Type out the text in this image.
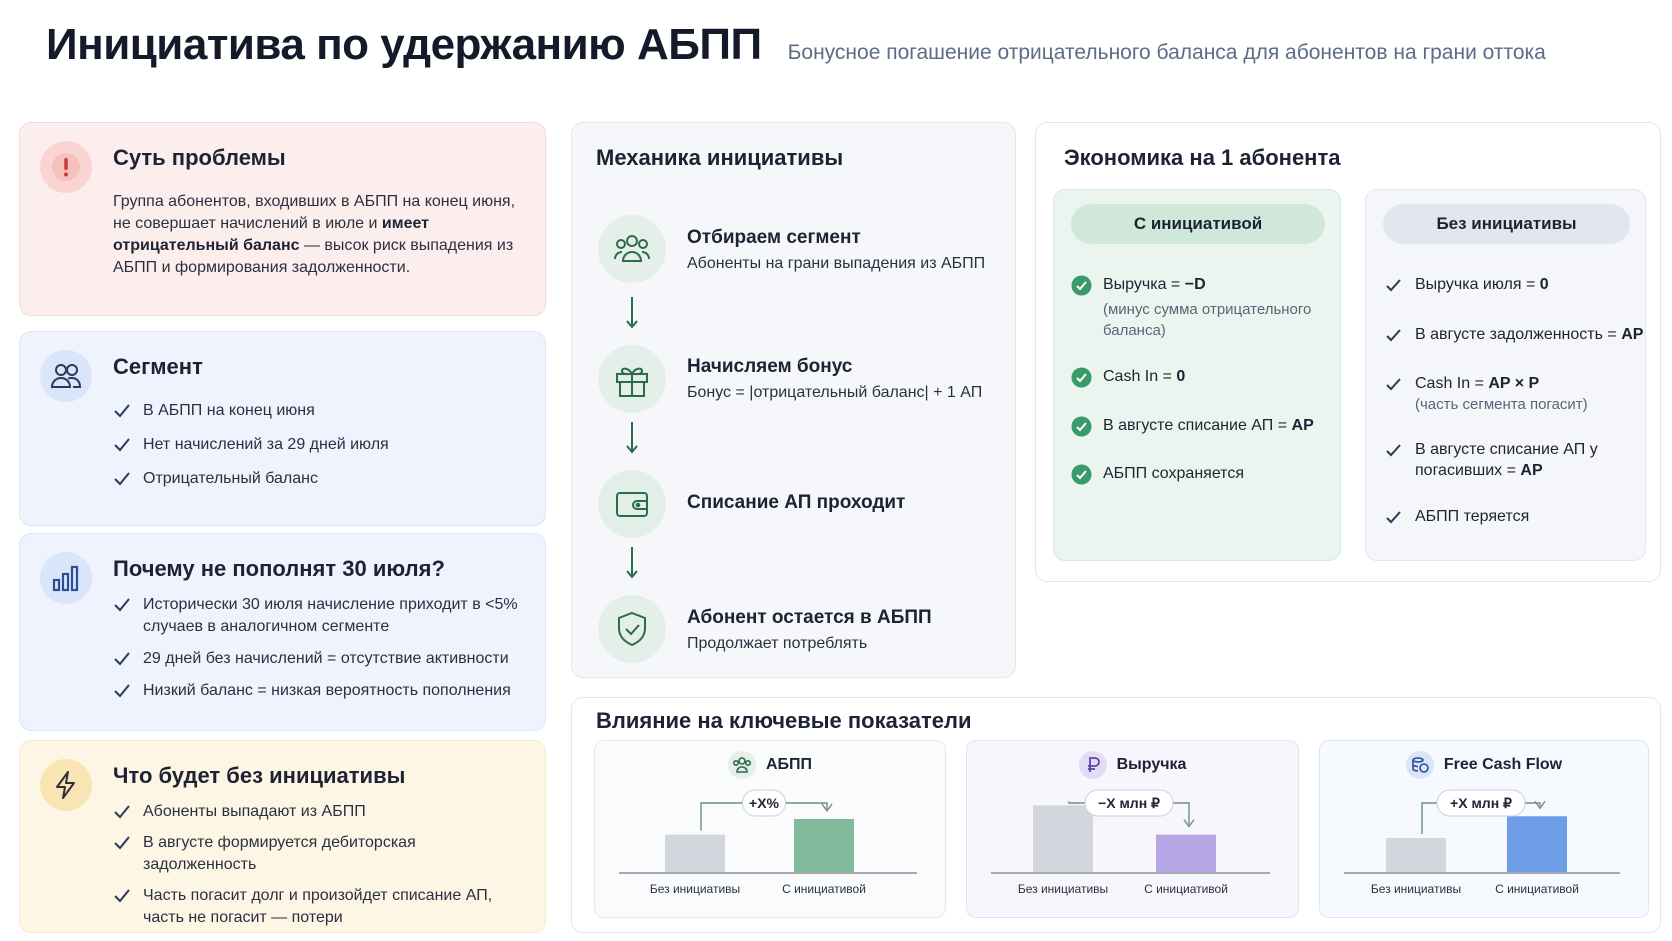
Инициатива по удержанию АБПП Бонусное погашение отрицательного баланса для абонентов на грани оттока
Суть проблемы
Группа абонентов, входивших в АБПП на конец июня, не совершает начислений в июле и имеет отрицательный баланс — высок риск выпадения из АБПП и формирования задолженности.
Сегмент
В АБПП на конец июня
Нет начислений за 29 дней июля
Отрицательный баланс
Почему не пополнят 30 июля?
Исторически 30 июля начисление приходит в <5% случаев в аналогичном сегменте
29 дней без начислений = отсутствие активности
Низкий баланс = низкая вероятность пополнения
Что будет без инициативы
Абоненты выпадают из АБПП
В августе формируется дебиторская задолженность
Часть погасит долг и произойдет списание АП, часть не погасит — потери
Механика инициативы
Отбираем сегмент
Абоненты на грани выпадения из АБПП
Начисляем бонус
Бонус = |отрицательный баланс| + 1 АП
Списание АП проходит
Абонент остается в АБПП
Продолжает потреблять
Экономика на 1 абонента
С инициативой
Выручка = −D
(минус сумма отрицательного баланса)
Cash In = 0
В августе списание АП = AP
АБПП сохраняется
Без инициативы
Выручка июля = 0
В августе задолженность = AP
Cash In = AP × P
(часть сегмента погасит)
В августе списание АП у погасивших = AP
АБПП теряется
Влияние на ключевые показатели
АБПП
+X%
Без инициативы	С инициативой
Выручка
−X млн ₽
Без инициативы	С инициативой
Free Cash Flow
+X млн ₽
Без инициативы	С инициативой
